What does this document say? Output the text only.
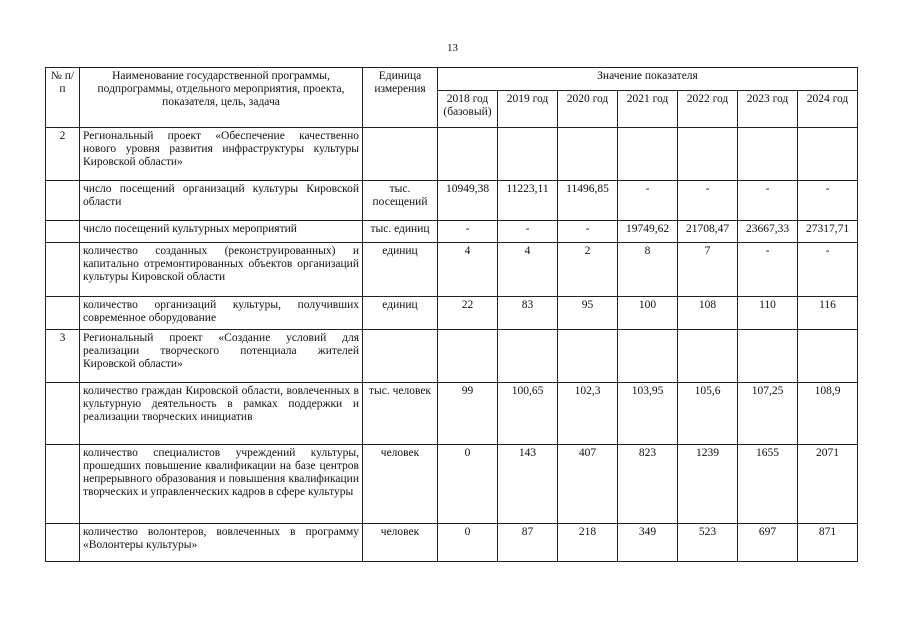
13
№ п/п	Наименование государственной программы, подпрограммы, отдельного мероприятия, проекта, показателя, цель, задача	Единица измерения	Значение показателя						
			2018 год (базовый)	2019 год	2020 год	2021 год	2022 год	2023 год	2024 год
2	Региональный проект «Обеспечение качественно нового уровня развития инфраструктуры культуры Кировской области»								
	число посещений организаций культуры Кировской области	тыс. посещений	10949,38	11223,11	11496,85	-	-	-	-
	число посещений культурных мероприятий	тыс. единиц	-	-	-	19749,62	21708,47	23667,33	27317,71
	количество созданных (реконструированных) и капитально отремонтированных объектов организаций культуры Кировской области	единиц	4	4	2	8	7	-	-
	количество организаций культуры, получивших современное оборудование	единиц	22	83	95	100	108	110	116
3	Региональный проект «Создание условий для реализации творческого потенциала жителей Кировской области»								
	количество граждан Кировской области, вовлеченных в культурную деятельность в рамках поддержки и реализации творческих инициатив	тыс. человек	99	100,65	102,3	103,95	105,6	107,25	108,9
	количество специалистов учреждений культуры, прошедших повышение квалификации на базе центров непрерывного образования и повышения квалификации творческих и управленческих кадров в сфере культуры	человек	0	143	407	823	1239	1655	2071
	количество волонтеров, вовлеченных в программу «Волонтеры культуры»	человек	0	87	218	349	523	697	871
